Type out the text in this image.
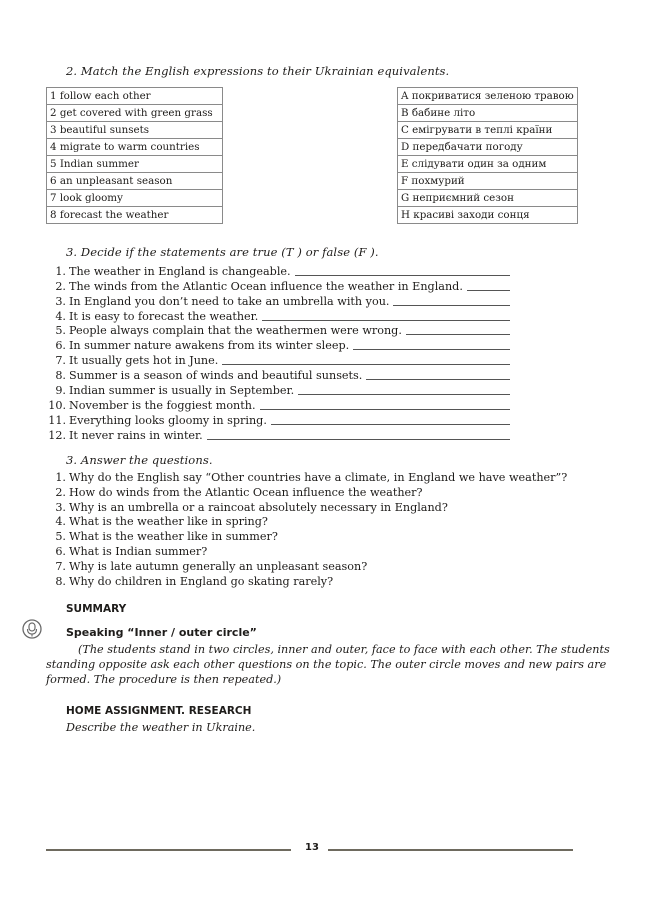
2. Match the English expressions to their Ukrainian equivalents.
1 follow each other
2 get covered with green grass
3 beautiful sunsets
4 migrate to warm countries
5 Indian summer
6 an unpleasant season
7 look gloomy
8 forecast the weather
A покриватися зеленою травою
B бабине літо
C емігрувати в теплі країни
D передбачати погоду
E слідувати один за одним
F похмурий
G неприємний сезон
H красиві заходи сонця
3. Decide if the statements are true (T ) or false (F ).
1. The weather in England is changeable.
2. The winds from the Atlantic Ocean influence the weather in England.
3. In England you don’t need to take an umbrella with you.
4. It is easy to forecast the weather.
5. People always complain that the weathermen were wrong.
6. In summer nature awakens from its winter sleep.
7. It usually gets hot in June.
8. Summer is a season of winds and beautiful sunsets.
9. Indian summer is usually in September.
10. November is the foggiest month.
11. Everything looks gloomy in spring.
12. It never rains in winter.
3. Answer the questions.
1. Why do the English say “Other countries have a climate, in England we have weather”?
2. How do winds from the Atlantic Ocean influence the weather?
3. Why is an umbrella or a raincoat absolutely necessary in England?
4. What is the weather like in spring?
5. What is the weather like in summer?
6. What is Indian summer?
7. Why is late autumn generally an unpleasant season?
8. Why do children in England go skating rarely?
SUMMARY
Speaking “Inner / outer circle”
(The students stand in two circles, inner and outer, face to face with each other. The students
standing opposite ask each other questions on the topic. The outer circle moves and new pairs are
formed. The procedure is then repeated.)
HOME ASSIGNMENT. RESEARCH
Describe the weather in Ukraine.
13
